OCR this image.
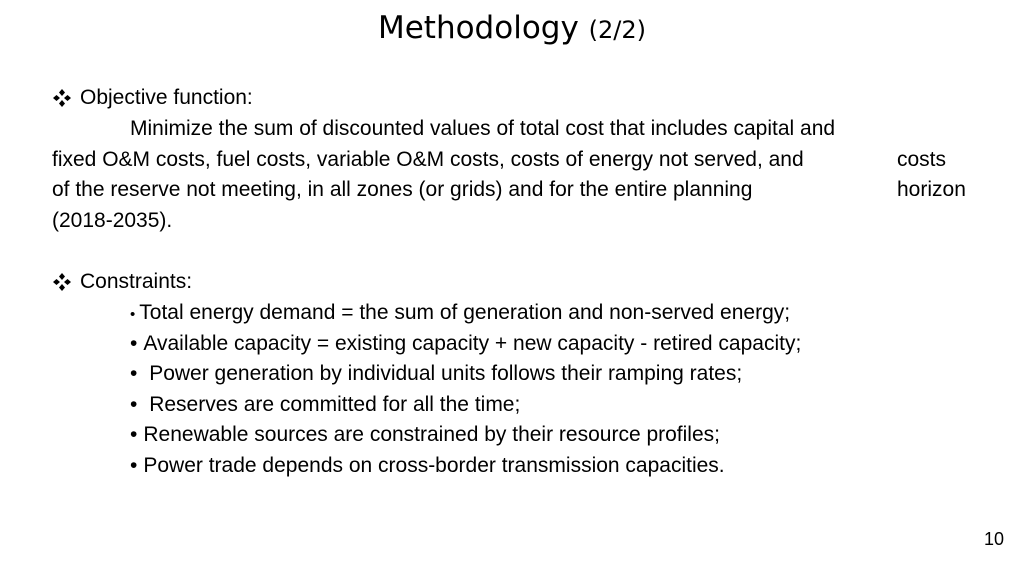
Methodology (2/2)
Objective function:
Minimize the sum of discounted values of total cost that includes capital and
fixed O&M costs, fuel costs, variable O&M costs, costs of energy not served, and	costs
of the reserve not meeting, in all zones (or grids) and for the entire planning	horizon
(2018-2035).
Constraints:
• Total energy demand = the sum of generation and non-served energy;
• Available capacity = existing capacity + new capacity - retired capacity;
• Power generation by individual units follows their ramping rates;
• Reserves are committed for all the time;
• Renewable sources are constrained by their resource profiles;
• Power trade depends on cross-border transmission capacities.
10
